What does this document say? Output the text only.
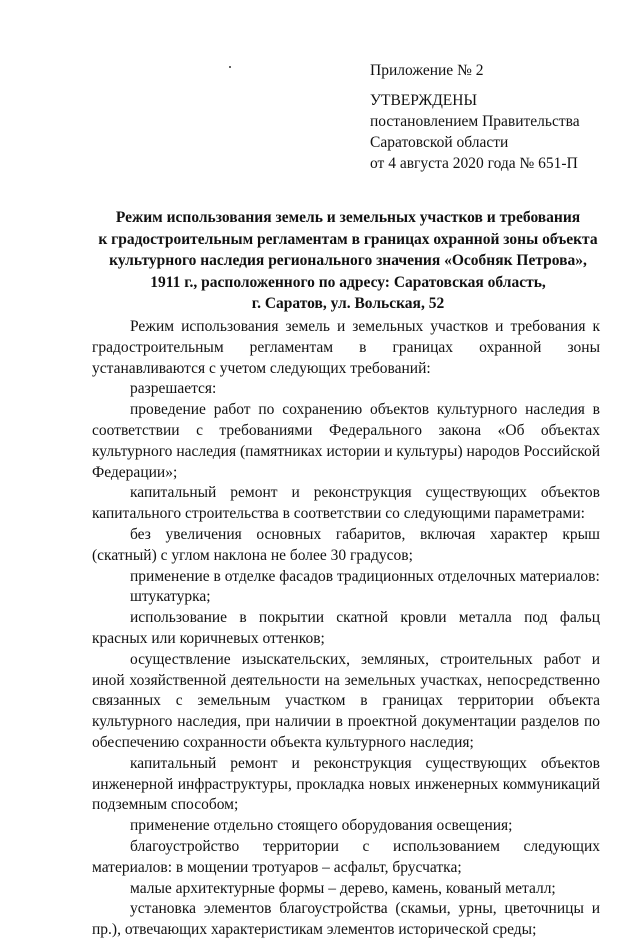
Приложение № 2
УТВЕРЖДЕНЫ
постановлением Правительства
Саратовской области
от 4 августа 2020 года № 651-П
Режим использования земель и земельных участков и требования
к градостроительным регламентам в границах охранной зоны объекта
культурного наследия регионального значения «Особняк Петрова»,
1911 г., расположенного по адресу: Саратовская область,
г. Саратов, ул. Вольская, 52

Режим использования земель и земельных участков и требования к градостроительным регламентам в границах охранной зоны устанавливаются с учетом следующих требований:

разрешается:

проведение работ по сохранению объектов культурного наследия в соответствии с требованиями Федерального закона «Об объектах культурного наследия (памятниках истории и культуры) народов Российской Федерации»;

капитальный ремонт и реконструкция существующих объектов капитального строительства в соответствии со следующими параметрами:

без увеличения основных габаритов, включая характер крыш (скатный) с углом наклона не более 30 градусов;

применение в отделке фасадов традиционных отделочных материалов:

штукатурка;

использование в покрытии скатной кровли металла под фальц красных или коричневых оттенков;

осуществление изыскательских, земляных, строительных работ и иной хозяйственной деятельности на земельных участках, непосредственно связанных с земельным участком в границах территории объекта культурного наследия, при наличии в проектной документации разделов по обеспечению сохранности объекта культурного наследия;

капитальный ремонт и реконструкция существующих объектов инженерной инфраструктуры, прокладка новых инженерных коммуникаций подземным способом;

применение отдельно стоящего оборудования освещения;

благоустройство территории с использованием следующих материалов: в мощении тротуаров – асфальт, брусчатка;

малые архитектурные формы – дерево, камень, кованый металл;

установка элементов благоустройства (скамьи, урны, цветочницы и пр.), отвечающих характеристикам элементов исторической среды;
